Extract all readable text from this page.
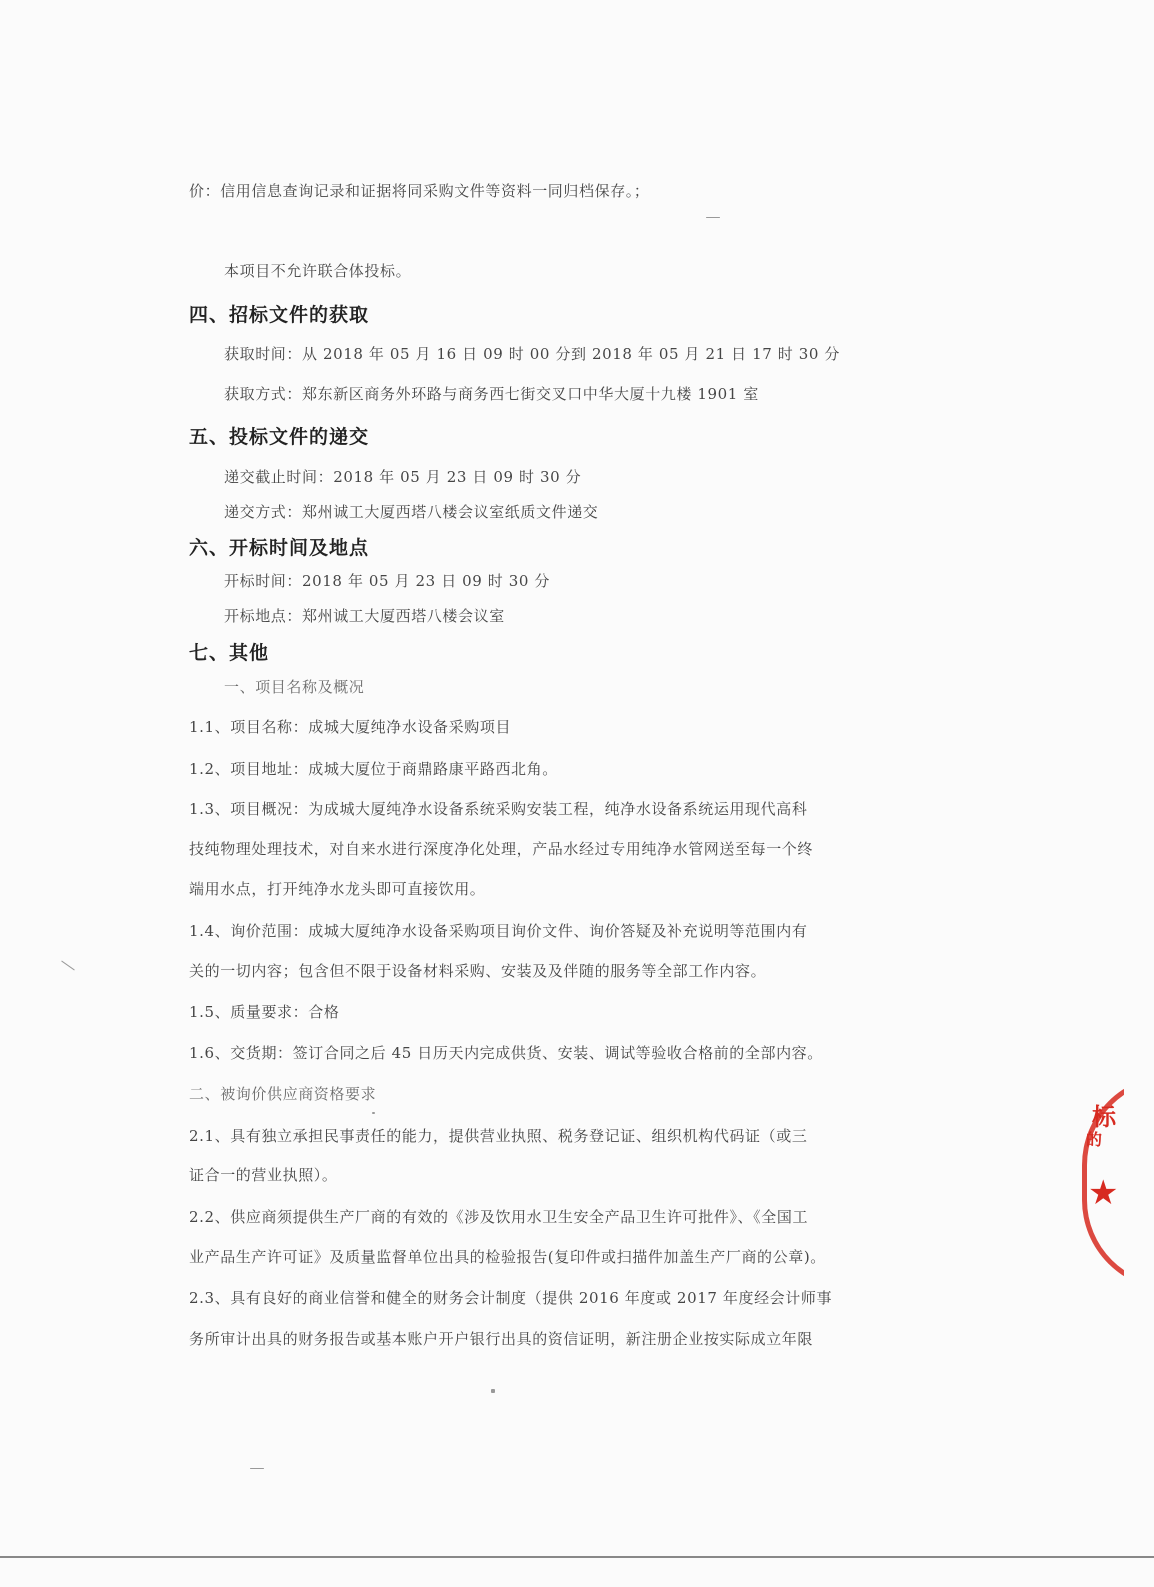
价：信用信息查询记录和证据将同采购文件等资料一同归档保存。；

本项目不允许联合体投标。

四、招标文件的获取

获取时间：从 2018 年 05 月 16 日 09 时 00 分到 2018 年 05 月 21 日 17 时 30 分

获取方式：郑东新区商务外环路与商务西七街交叉口中华大厦十九楼 1901 室

五、投标文件的递交

递交截止时间：2018 年 05 月 23 日 09 时 30 分

递交方式：郑州诚工大厦西塔八楼会议室纸质文件递交

六、开标时间及地点

开标时间：2018 年 05 月 23 日 09 时 30 分

开标地点：郑州诚工大厦西塔八楼会议室

七、其他

一、项目名称及概况

1.1、项目名称：成城大厦纯净水设备采购项目

1.2、项目地址：成城大厦位于商鼎路康平路西北角。

1.3、项目概况：为成城大厦纯净水设备系统采购安装工程，纯净水设备系统运用现代高科

技纯物理处理技术，对自来水进行深度净化处理，产品水经过专用纯净水管网送至每一个终

端用水点，打开纯净水龙头即可直接饮用。

1.4、询价范围：成城大厦纯净水设备采购项目询价文件、询价答疑及补充说明等范围内有

关的一切内容；包含但不限于设备材料采购、安装及及伴随的服务等全部工作内容。

1.5、质量要求：合格

1.6、交货期：签订合同之后 45 日历天内完成供货、安装、调试等验收合格前的全部内容。

二、被询价供应商资格要求

2.1、具有独立承担民事责任的能力，提供营业执照、税务登记证、组织机构代码证（或三

证合一的营业执照）。

2.2、供应商须提供生产厂商的有效的《涉及饮用水卫生安全产品卫生许可批件》、《全国工

业产品生产许可证》及质量监督单位出具的检验报告(复印件或扫描件加盖生产厂商的公章)。

2.3、具有良好的商业信誉和健全的财务会计制度（提供 2016 年度或 2017 年度经会计师事

务所审计出具的财务报告或基本账户开户银行出具的资信证明，新注册企业按实际成立年限

标
的
★
